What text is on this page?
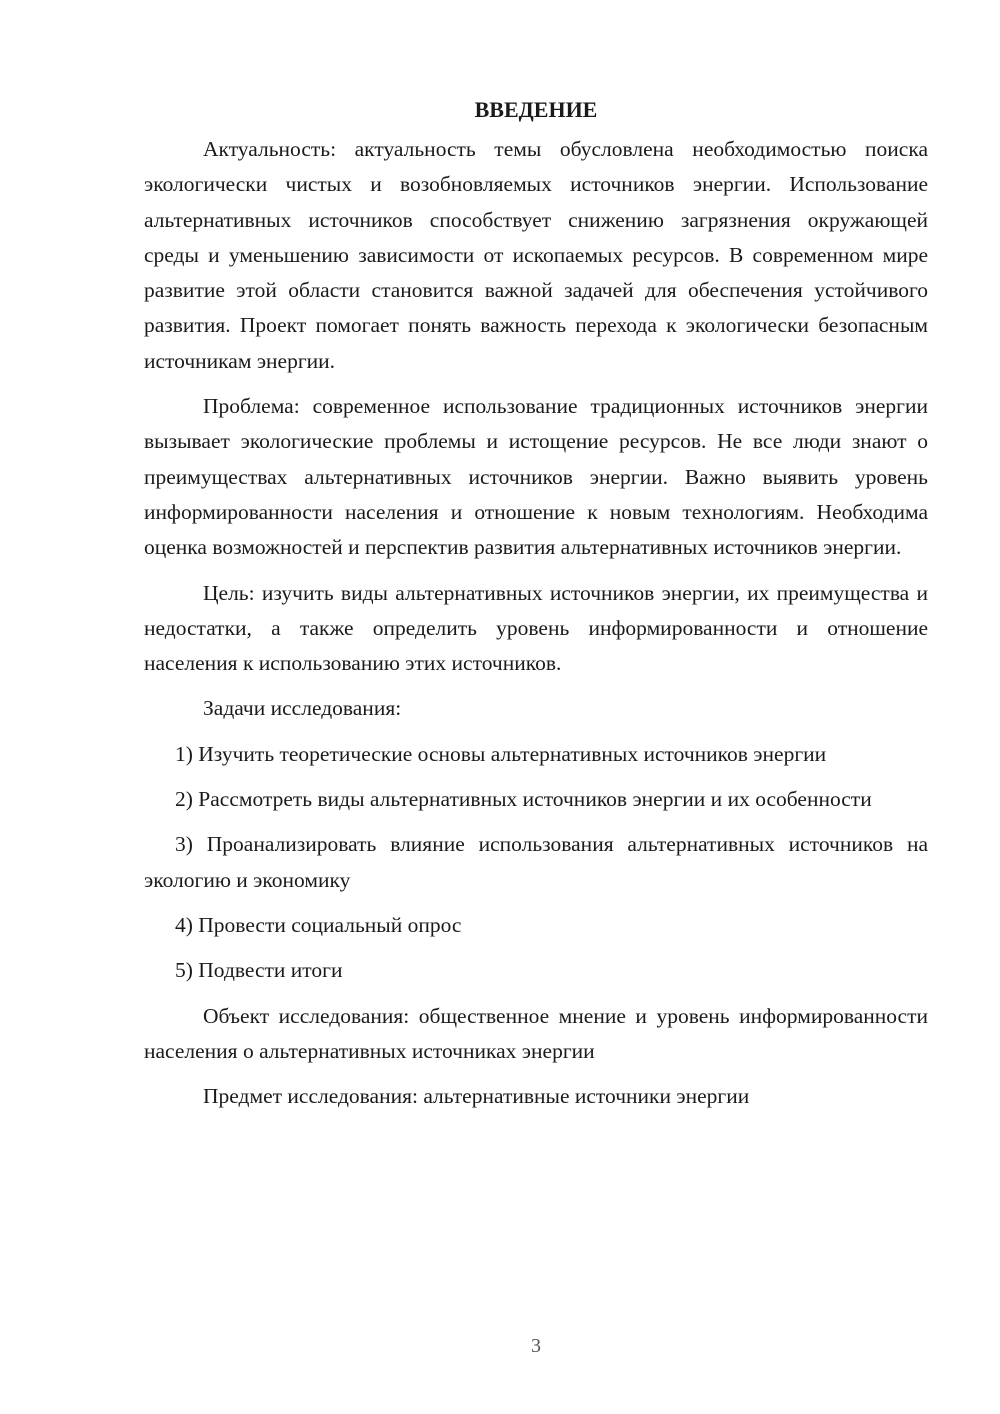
ВВЕДЕНИЕ

Актуальность: актуальность темы обусловлена необходимостью поиска экологически чистых и возобновляемых источников энергии. Использование альтернативных источников способствует снижению загрязнения окружающей среды и уменьшению зависимости от ископаемых ресурсов. В современном мире развитие этой области становится важной задачей для обеспечения устойчивого развития. Проект помогает понять важность перехода к экологически безопасным источникам энергии.

Проблема: современное использование традиционных источников энергии вызывает экологические проблемы и истощение ресурсов. Не все люди знают о преимуществах альтернативных источников энергии. Важно выявить уровень информированности населения и отношение к новым технологиям. Необходима оценка возможностей и перспектив развития альтернативных источников энергии.

Цель: изучить виды альтернативных источников энергии, их преимущества и недостатки, а также определить уровень информированности и отношение населения к использованию этих источников.

Задачи исследования:

1) Изучить теоретические основы альтернативных источников энергии

2) Рассмотреть виды альтернативных источников энергии и их особенности

3) Проанализировать влияние использования альтернативных источников на экологию и экономику

4) Провести социальный опрос

5) Подвести итоги

Объект исследования: общественное мнение и уровень информированности населения о альтернативных источниках энергии

Предмет исследования: альтернативные источники энергии

3
